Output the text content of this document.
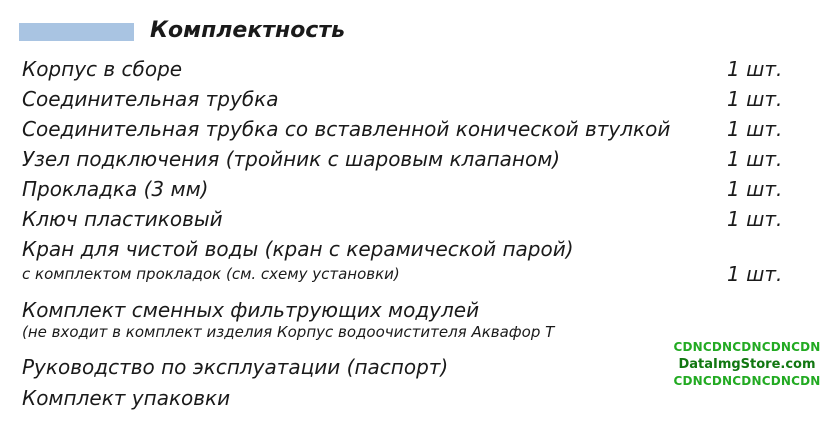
Комплектность
Корпус в сборе	1 шт.
Соединительная трубка	1 шт.
Соединительная трубка со вставленной конической втулкой	1 шт.
Узел подключения (тройник с шаровым клапаном)	1 шт.
Прокладка (3 мм)	1 шт.
Ключ пластиковый	1 шт.
Кран для чистой воды (кран с керамической парой)
с комплектом прокладок (см. схему установки)	1 шт.
Комплект сменных фильтрующих модулей
(не входит в комплект изделия Корпус водоочистителя Аквафор Т
Руководство по эксплуатации (паспорт)
Комплект упаковки
CDNCDNCDNCDNCDN
DataImgStore.com
CDNCDNCDNCDNCDN
